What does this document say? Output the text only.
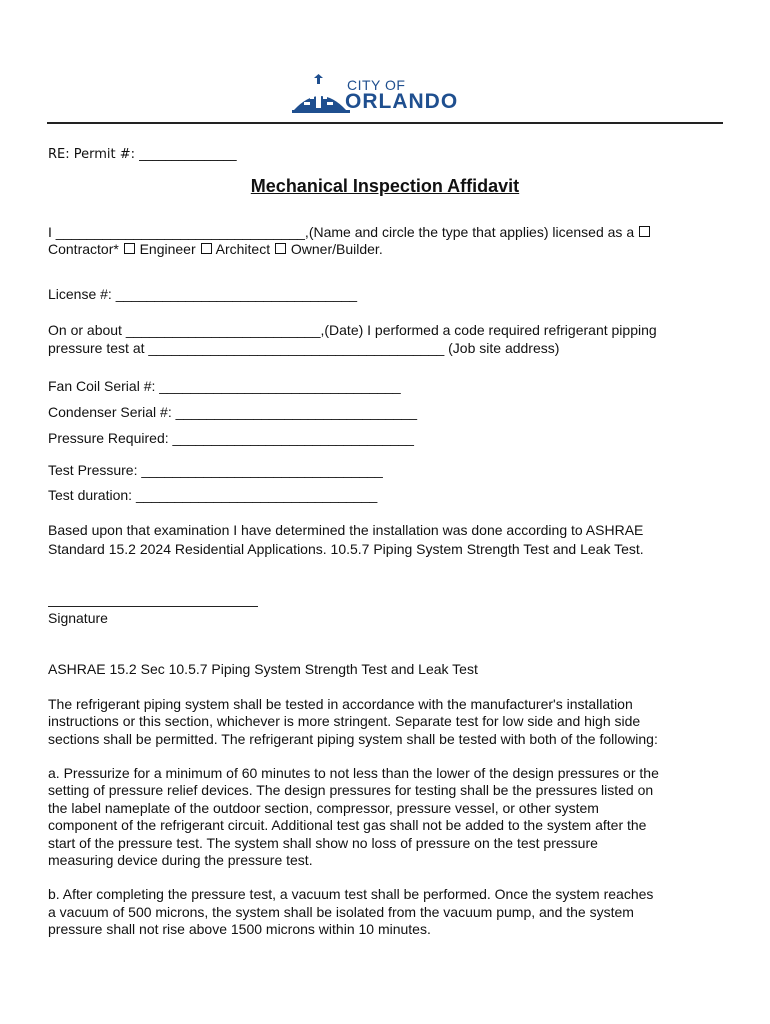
CITY OF
ORLANDO
RE: Permit #: _______________
Mechanical Inspection Affidavit
I ________________________________,(Name and circle the type that applies) licensed as a
Contractor*  Engineer  Architect  Owner/Builder.
License #: _______________________________
On or about _________________________,(Date) I performed a code required refrigerant pipping
pressure test at ______________________________________ (Job site address)
Fan Coil Serial #: _______________________________
Condenser Serial #: _______________________________
Pressure Required: _______________________________
Test Pressure: _______________________________
Test duration: _______________________________
Based upon that examination I have determined the installation was done according to ASHRAE
Standard 15.2 2024 Residential Applications. 10.5.7 Piping System Strength Test and Leak Test.
Signature
ASHRAE 15.2 Sec 10.5.7 Piping System Strength Test and Leak Test
The refrigerant piping system shall be tested in accordance with the manufacturer's installation
instructions or this section, whichever is more stringent. Separate test for low side and high side
sections shall be permitted. The refrigerant piping system shall be tested with both of the following:
a. Pressurize for a minimum of 60 minutes to not less than the lower of the design pressures or the
setting of pressure relief devices. The design pressures for testing shall be the pressures listed on
the label nameplate of the outdoor section, compressor, pressure vessel, or other system
component of the refrigerant circuit. Additional test gas shall not be added to the system after the
start of the pressure test. The system shall show no loss of pressure on the test pressure
measuring device during the pressure test.
b. After completing the pressure test, a vacuum test shall be performed. Once the system reaches
a vacuum of 500 microns, the system shall be isolated from the vacuum pump, and the system
pressure shall not rise above 1500 microns within 10 minutes.
